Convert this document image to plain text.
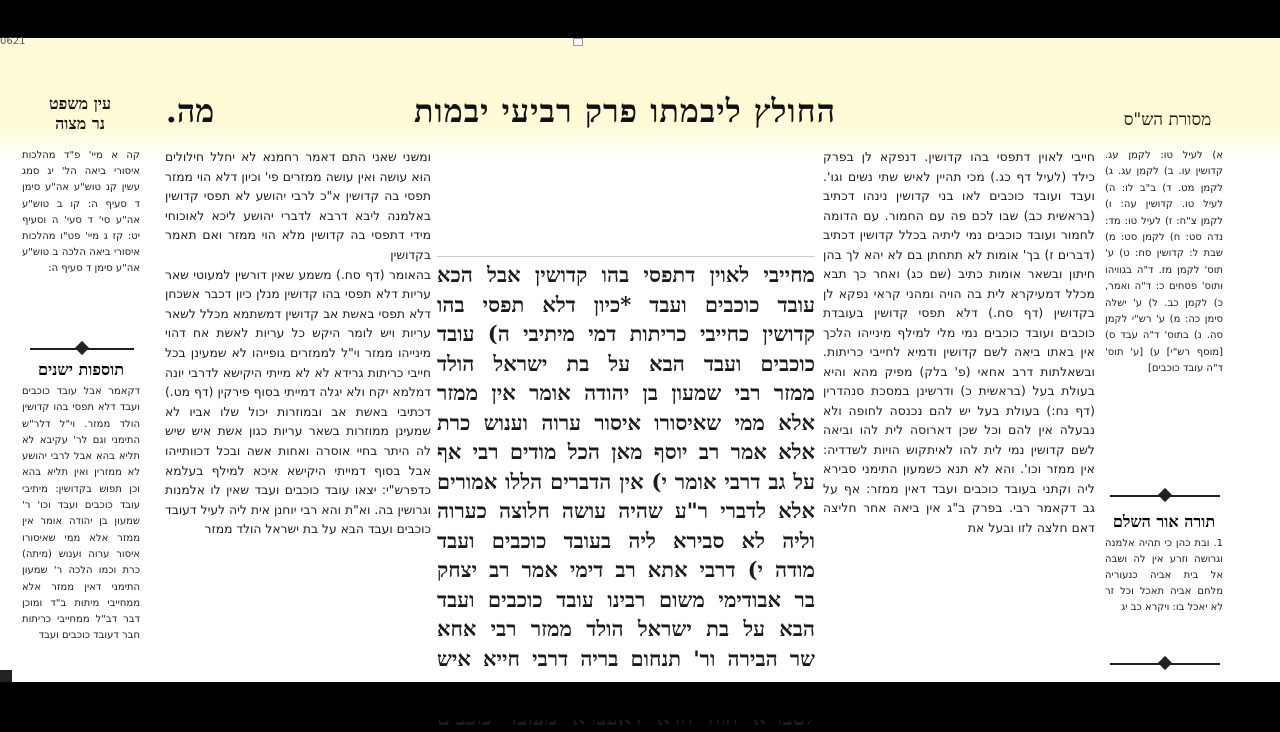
0621
החולץ ליבמתו פרק רביעי יבמות
מה.
עין משפט
נר מצוה	מסורת הש"ס

ומשני שאני התם דאמר רחמנא לא יחלל חילולים הוא עושה ואין עושה ממזרים פי' וכיון דלא הוי ממזר תפסי בה קדושין א"כ לרבי יהושע לא תפסי קדושין באלמנה ליבא דרבא לדברי יהושע ליכא לאוכוחי מידי דתפסי בה קדושין מלא הוי ממזר ואם תאמר בקדושין

בהאומר (דף סח.) משמע שאין דורשין למעוטי שאר עריות דלא תפסי בהו קדושין מנלן כיון דכבר אשכחן דלא תפסי באשת אב קדושין דמשתמא מכלל לשאר עריות ויש לומר היקש כל עריות לאשת אח דהוי מינייהו ממזר וי"ל לממזרים גופייהו לא שמעינן בכל חייבי כריתות גרידא לא לא מייתי היקישא לדרבי יונה דמלמא יקח ולא יגלה דמייתי בסוף פירקין (דף מט.) דכתיבי באשת אב ובמוזרות יכול שלו אביו לא שמעינן ממוזרות בשאר עריות כגון אשת איש שיש לה היתר בחיי אוסרה ואחות אשה ובכל דכוותייהו אבל בסוף דמייתי היקישא איכא למילף בעלמא כדפרש"י: יצאו עובד כוכבים ועבד שאין לו אלמנות וגרושין בה. וא"ת והא רבי יוחנן אית ליה לעיל דעובד כוכבים ועבד הבא על בת ישראל הולד ממזר

חייבי לאוין דתפסי בהו קדושין. דנפקא לן בפרק כילד (לעיל דף כג.) מכי תהיין לאיש שתי נשים וגו'. ועבד ועובד כוכבים לאו בני קדושין נינהו דכתיב (בראשית כב) שבו לכם פה עם החמור. עם הדומה לחמור ועובד כוכבים נמי ליתיה בכלל קדושין דכתיב (דברים ז) בך' אומות לא תתחתן בם לא יהא לך בהן חיתון ובשאר אומות כתיב (שם כג) ואחר כך תבא מכלל דמעיקרא לית בה הויה ומהני קראי נפקא לן בקדושין (דף סח.) דלא תפסי קדושין בעובדת כוכבים ועובד כוכבים נמי מלי למילף מינייהו הלכך אין באתו ביאה לשם קדושין ודמיא לחייבי כריתות. ובשאלתות דרב אחאי (פ' בלק) מפיק מהא והיא בעולת בעל (בראשית כ) ודרשינן במסכת סנהדרין (דף נח:) בעולת בעל יש להם נכנסה לחופה ולא נבעלה אין להם וכל שכן דארוסה לית להו וביאה לשם קדושין נמי לית להו לאיתקוש הויות לשדדיה: אין ממזר וכו'. והא לא תנא כשמעון התימני סבירא ליה וקתני בעובד כוכבים ועבד דאין ממזר: אף על גב דקאמר רבי. בפרק ב"ג אין ביאה אחר חליצה דאם חלצה לזו ובעל את

מחייבי לאוין דתפסי בהו קדושין אבל הכא

עובד כוכבים ועבד *כיון דלא תפסי בהו

קדושין כחייבי כריתות דמי מיתיבי ה) עובד

כוכבים ועבד הבא על בת ישראל הולד

ממזר רבי שמעון בן יהודה אומר אין ממזר

אלא ממי שאיסורו איסור ערוה וענוש כרת

אלא אמר רב יוסף מאן הכל מודים רבי אף

על גב דרבי אומר י) אין הדברים הללו אמורים

אלא לדברי ר"ע שהיה עושה חלוצה כערוה

וליה לא סבירא ליה בעובד כוכבים ועבד

מודה י) דרבי אתא רב דימי אמר רב יצחק

בר אבודימי משום רבינו עובד כוכבים ועבד

הבא על בת ישראל הולד ממזר רבי אחא

שר הבירה ור' תנחום בריה דרבי חייא איש

קה א מיי' פ"ד מהלכות איסורי ביאה הל' יג סמג עשין קנ טוש"ע אה"ע סימן ד סעיף ה: קו ב טוש"ע אה"ע סי' ד סעי' ה וסעיף יט: קז ג מיי' פט"ו מהלכות איסורי ביאה הלכה ב טוש"ע אה"ע סימן ד סעיף ה:

תוספות ישנים

דקאמר אבל עובד כוכבים ועבד דלא תפסי בהו קדושין הולד ממזר. וי"ל דלר"ש התימני וגם לר' עקיבא לא תליא בהא אבל לרבי יהושע לא ממזרין ואין תליא בהא וכן תפוש בקדושין: מיתיבי עובד כוכבים ועבד וכו' ר' שמעון בן יהודה אומר אין ממזר אלא ממי שאיסורו איסור ערוה וענוש (מיתה) כרת וכמו הלכה ר' שמעון התימני דאין ממזר אלא ממחייבי מיתות ב"ד ומוכן דבר דב"ל ממחייבי כריתות חבר דעובד כוכבים ועבד

א) לעיל טו: לקמן עג. קדושין עו. ב) לקמן עג. ג) לקמן מט. ד) ב"ב לו: ה) לעיל טו. קדושין עה: ו) לקמן צ"ח: ז) לעיל טו: מד: נדה סט: ח) לקמן סט: מ) שבת ל: קדושין סח: ט) ע' תוס' לקמן מז. ד"ה בגוויהו ותוס' פסחים כ: ד"ה ואמר, כ) לקמן כב. ל) ע' ישלה סימן כה: מ) ע' רש"י לקמן סה. נ) בתוס' ד"ה עבד ס) [מוסף רש"י] ע) [ע' תוס' ד"ה עובד כוכבים]

תורה אור השלם

1. ובת כהן כי תהיה אלמנה וגרושה וזרע אין לה ושבה אל בית אביה כנעוריה מלחם אביה תאכל וכל זר לא יאכל בו: ויקרא כב יג
